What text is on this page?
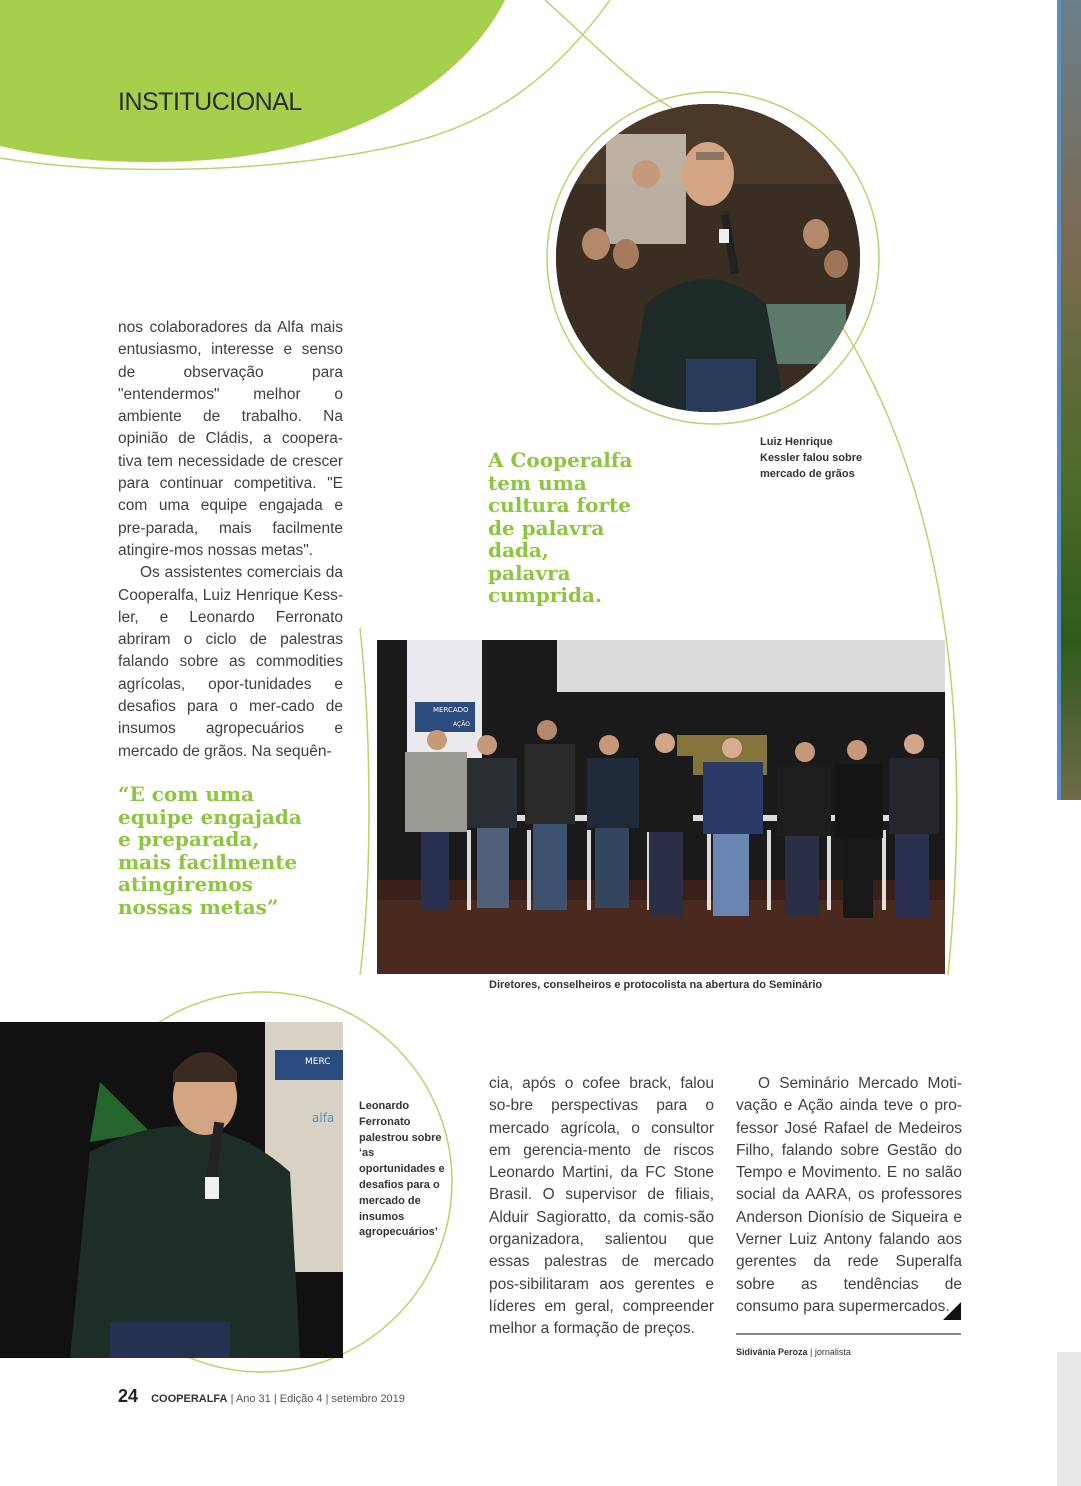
INSTITUCIONAL

nos colaboradores da Alfa mais entusiasmo, interesse e senso de observação para "entendermos" melhor o ambiente de trabalho. Na opinião de Cládis, a coopera-tiva tem necessidade de crescer para continuar competitiva. "E com uma equipe engajada e pre-parada, mais facilmente atingire-mos nossas metas".

Os assistentes comerciais da Cooperalfa, Luiz Henrique Kess-ler, e Leonardo Ferronato abriram o ciclo de palestras falando sobre as commodities agrícolas, opor-tunidades e desafios para o mer-cado de insumos agropecuários e mercado de grãos. Na sequên-

A Cooperalfa tem uma cultura forte de palavra dada, palavra cumprida.
Luiz Henrique Kessler falou sobre mercado de grãos
MERCADO
AÇÃO
“E com uma equipe engajada e preparada, mais facilmente atingiremos nossas metas”
Diretores, conselheiros e protocolista na abertura do Seminário
MERC
alfa
Leonardo Ferronato palestrou sobre ‘as oportunidades e desafios para o mercado de insumos agropecuários’

cia, após o cofee brack, falou so-bre perspectivas para o mercado agrícola, o consultor em gerencia-mento de riscos Leonardo Martini, da FC Stone Brasil. O supervisor de filiais, Alduir Sagioratto, da comis-são organizadora, salientou que essas palestras de mercado pos-sibilitaram aos gerentes e líderes em geral, compreender melhor a formação de preços.

O Seminário Mercado Moti-vação e Ação ainda teve o pro-fessor José Rafael de Medeiros Filho, falando sobre Gestão do Tempo e Movimento. E no salão social da AARA, os professores Anderson Dionísio de Siqueira e Verner Luiz Antony falando aos gerentes da rede Superalfa sobre as tendências de consumo para supermercados.

Sidivânia Peroza | jornalista
24 COOPERALFA | Ano 31 | Edição 4 | setembro 2019
